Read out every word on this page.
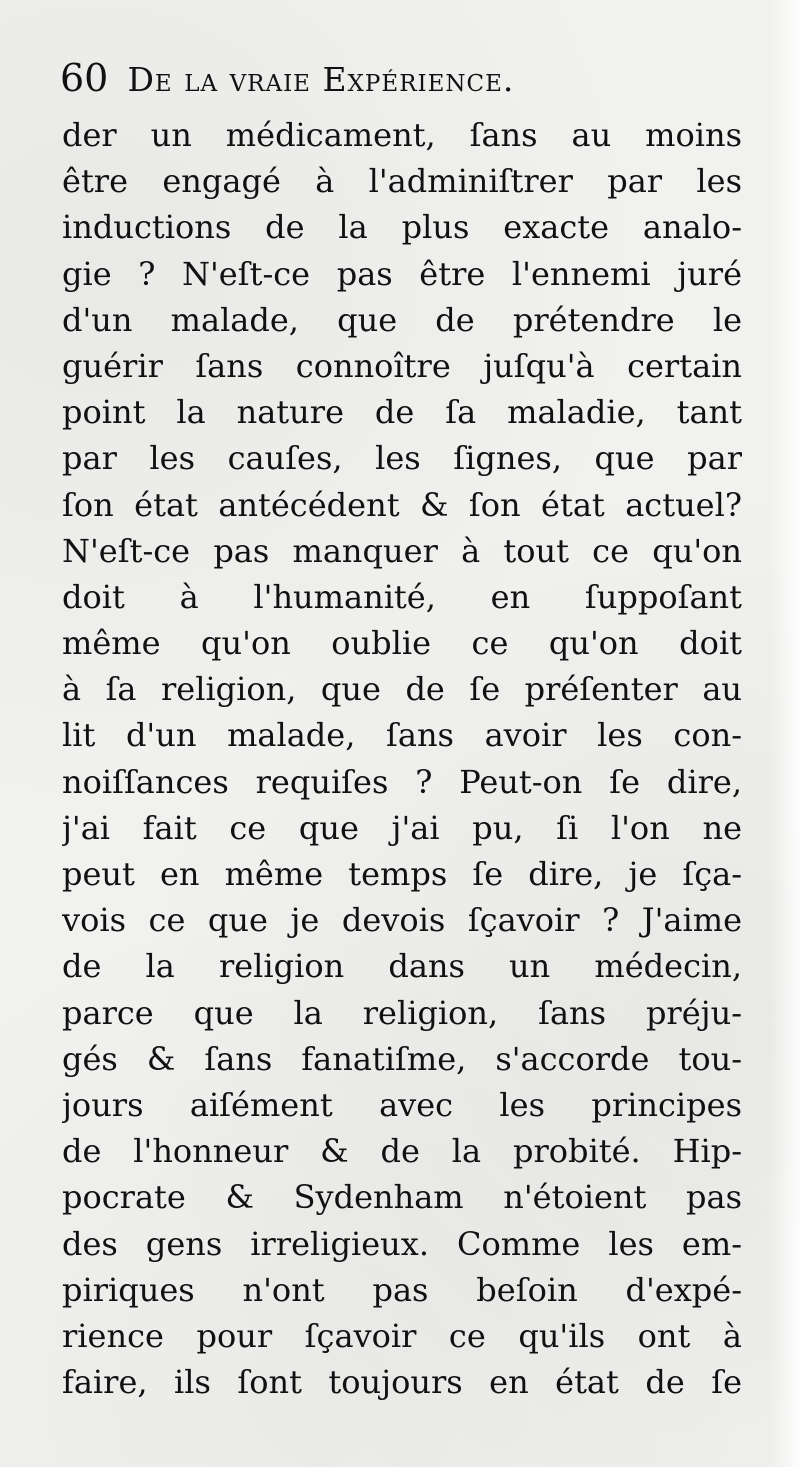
60 De la vraie Expérience.
der un médicament, ſans au moins
être engagé à l'adminiſtrer par les
inductions de la plus exacte analo-
gie ? N'eſt-ce pas être l'ennemi juré
d'un malade, que de prétendre le
guérir ſans connoître juſqu'à certain
point la nature de ſa maladie, tant
par les cauſes, les ſignes, que par
ſon état antécédent & ſon état actuel?
N'eſt-ce pas manquer à tout ce qu'on
doit à l'humanité, en ſuppoſant
même qu'on oublie ce qu'on doit
à ſa religion, que de ſe préſenter au
lit d'un malade, ſans avoir les con-
noiſſances requiſes ? Peut-on ſe dire,
j'ai fait ce que j'ai pu, ſi l'on ne
peut en même temps ſe dire, je ſça-
vois ce que je devois ſçavoir ? J'aime
de la religion dans un médecin,
parce que la religion, ſans préju-
gés & ſans fanatiſme, s'accorde tou-
jours aiſément avec les principes
de l'honneur & de la probité. Hip-
pocrate & Sydenham n'étoient pas
des gens irreligieux. Comme les em-
piriques n'ont pas beſoin d'expé-
rience pour ſçavoir ce qu'ils ont à
faire, ils ſont toujours en état de ſe
